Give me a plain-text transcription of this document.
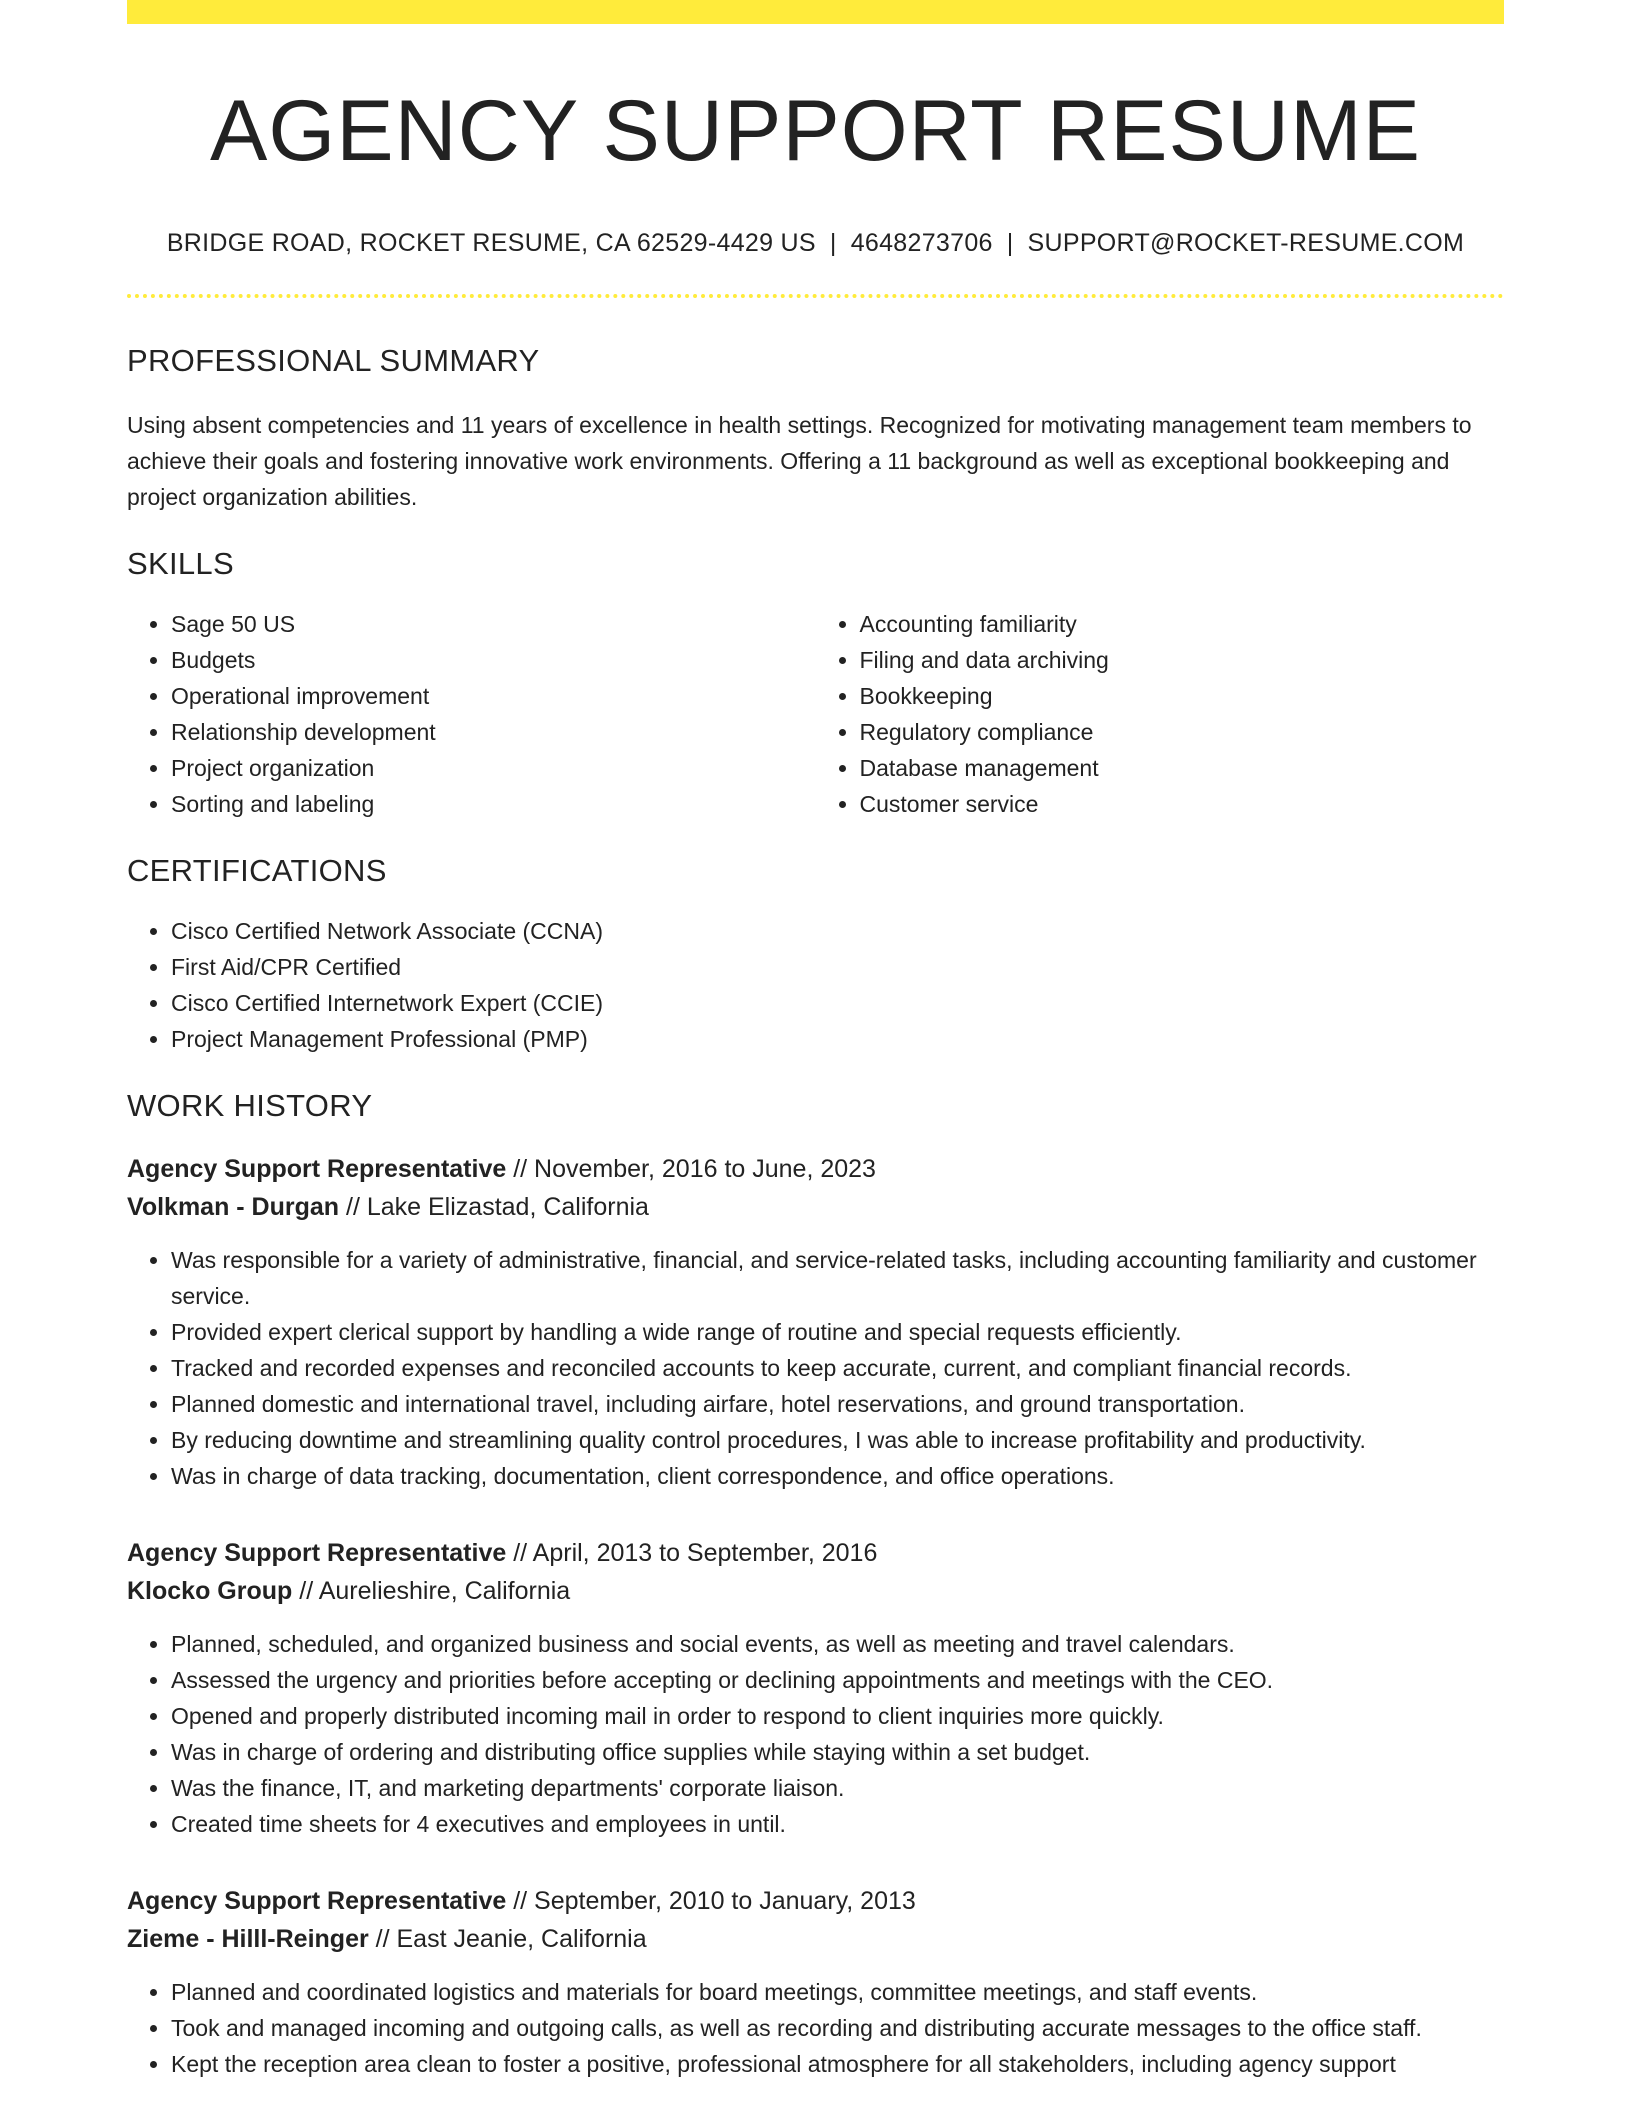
AGENCY SUPPORT RESUME
BRIDGE ROAD, ROCKET RESUME, CA 62529-4429 US | 4648273706 | SUPPORT@ROCKET-RESUME.COM
PROFESSIONAL SUMMARY
Using absent competencies and 11 years of excellence in health settings. Recognized for motivating management team members to achieve their goals and fostering innovative work environments. Offering a 11 background as well as exceptional bookkeeping and project organization abilities.
SKILLS
• Sage 50 US
• Budgets
• Operational improvement
• Relationship development
• Project organization
• Sorting and labeling
• Accounting familiarity
• Filing and data archiving
• Bookkeeping
• Regulatory compliance
• Database management
• Customer service
CERTIFICATIONS
• Cisco Certified Network Associate (CCNA)
• First Aid/CPR Certified
• Cisco Certified Internetwork Expert (CCIE)
• Project Management Professional (PMP)
WORK HISTORY
Agency Support Representative // November, 2016 to June, 2023
Volkman - Durgan // Lake Elizastad, California
• Was responsible for a variety of administrative, financial, and service-related tasks, including accounting familiarity and customer service.
• Provided expert clerical support by handling a wide range of routine and special requests efficiently.
• Tracked and recorded expenses and reconciled accounts to keep accurate, current, and compliant financial records.
• Planned domestic and international travel, including airfare, hotel reservations, and ground transportation.
• By reducing downtime and streamlining quality control procedures, I was able to increase profitability and productivity.
• Was in charge of data tracking, documentation, client correspondence, and office operations.
Agency Support Representative // April, 2013 to September, 2016
Klocko Group // Aurelieshire, California
• Planned, scheduled, and organized business and social events, as well as meeting and travel calendars.
• Assessed the urgency and priorities before accepting or declining appointments and meetings with the CEO.
• Opened and properly distributed incoming mail in order to respond to client inquiries more quickly.
• Was in charge of ordering and distributing office supplies while staying within a set budget.
• Was the finance, IT, and marketing departments' corporate liaison.
• Created time sheets for 4 executives and employees in until.
Agency Support Representative // September, 2010 to January, 2013
Zieme - Hilll-Reinger // East Jeanie, California
• Planned and coordinated logistics and materials for board meetings, committee meetings, and staff events.
• Took and managed incoming and outgoing calls, as well as recording and distributing accurate messages to the office staff.
• Kept the reception area clean to foster a positive, professional atmosphere for all stakeholders, including agency support
